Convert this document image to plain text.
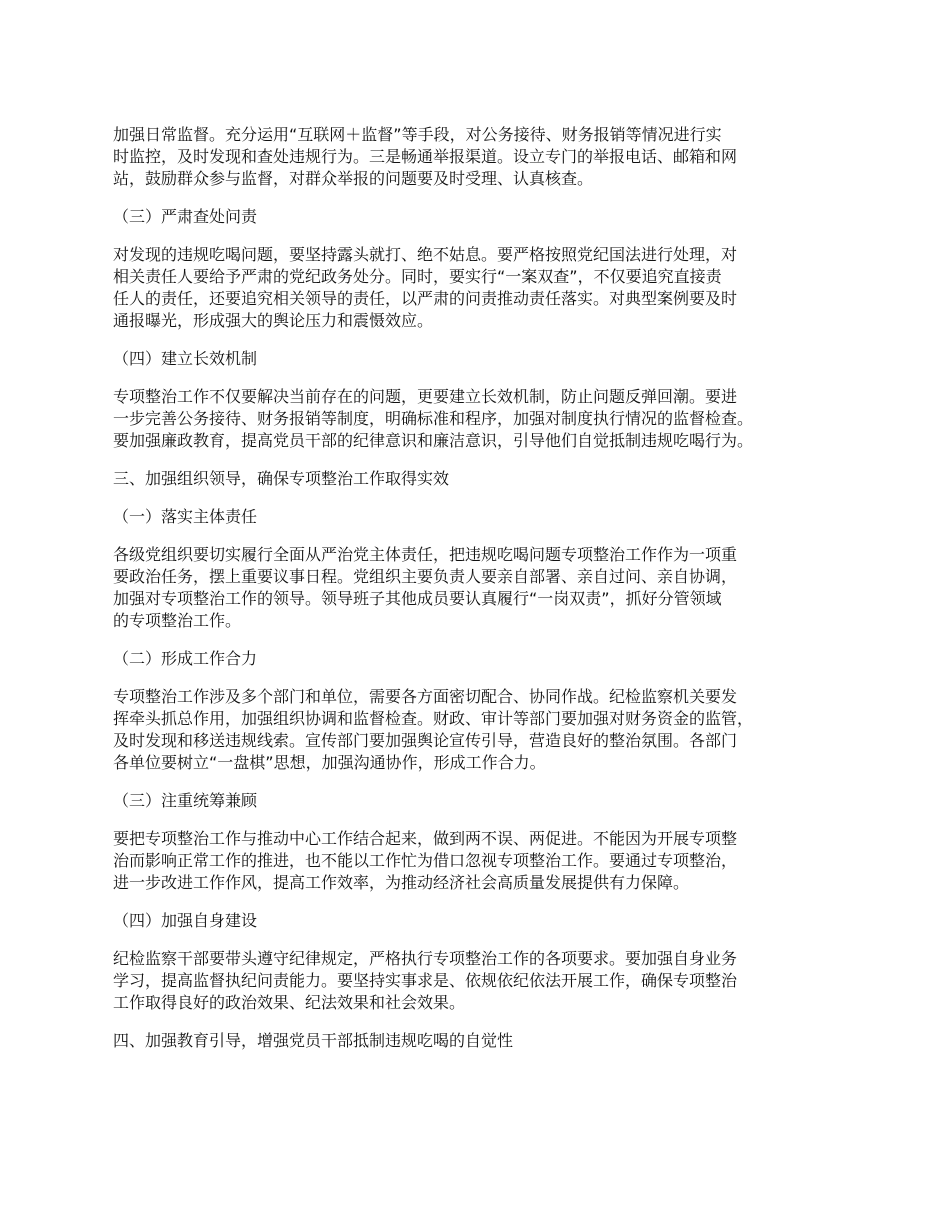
加强日常监督。充分运用“互联网＋监督”等手段，对公务接待、财务报销等情况进行实
时监控，及时发现和查处违规行为。三是畅通举报渠道。设立专门的举报电话、邮箱和网
站，鼓励群众参与监督，对群众举报的问题要及时受理、认真核查。
（三）严肃查处问责
对发现的违规吃喝问题，要坚持露头就打、绝不姑息。要严格按照党纪国法进行处理，对
相关责任人要给予严肃的党纪政务处分。同时，要实行“一案双查”，不仅要追究直接责
任人的责任，还要追究相关领导的责任，以严肃的问责推动责任落实。对典型案例要及时
通报曝光，形成强大的舆论压力和震慑效应。
（四）建立长效机制
专项整治工作不仅要解决当前存在的问题，更要建立长效机制，防止问题反弹回潮。要进
一步完善公务接待、财务报销等制度，明确标准和程序，加强对制度执行情况的监督检查。
要加强廉政教育，提高党员干部的纪律意识和廉洁意识，引导他们自觉抵制违规吃喝行为。
三、加强组织领导，确保专项整治工作取得实效
（一）落实主体责任
各级党组织要切实履行全面从严治党主体责任，把违规吃喝问题专项整治工作作为一项重
要政治任务，摆上重要议事日程。党组织主要负责人要亲自部署、亲自过问、亲自协调，
加强对专项整治工作的领导。领导班子其他成员要认真履行“一岗双责”，抓好分管领域
的专项整治工作。
（二）形成工作合力
专项整治工作涉及多个部门和单位，需要各方面密切配合、协同作战。纪检监察机关要发
挥牵头抓总作用，加强组织协调和监督检查。财政、审计等部门要加强对财务资金的监管，
及时发现和移送违规线索。宣传部门要加强舆论宣传引导，营造良好的整治氛围。各部门
各单位要树立“一盘棋”思想，加强沟通协作，形成工作合力。
（三）注重统筹兼顾
要把专项整治工作与推动中心工作结合起来，做到两不误、两促进。不能因为开展专项整
治而影响正常工作的推进，也不能以工作忙为借口忽视专项整治工作。要通过专项整治，
进一步改进工作作风，提高工作效率，为推动经济社会高质量发展提供有力保障。
（四）加强自身建设
纪检监察干部要带头遵守纪律规定，严格执行专项整治工作的各项要求。要加强自身业务
学习，提高监督执纪问责能力。要坚持实事求是、依规依纪依法开展工作，确保专项整治
工作取得良好的政治效果、纪法效果和社会效果。
四、加强教育引导，增强党员干部抵制违规吃喝的自觉性
